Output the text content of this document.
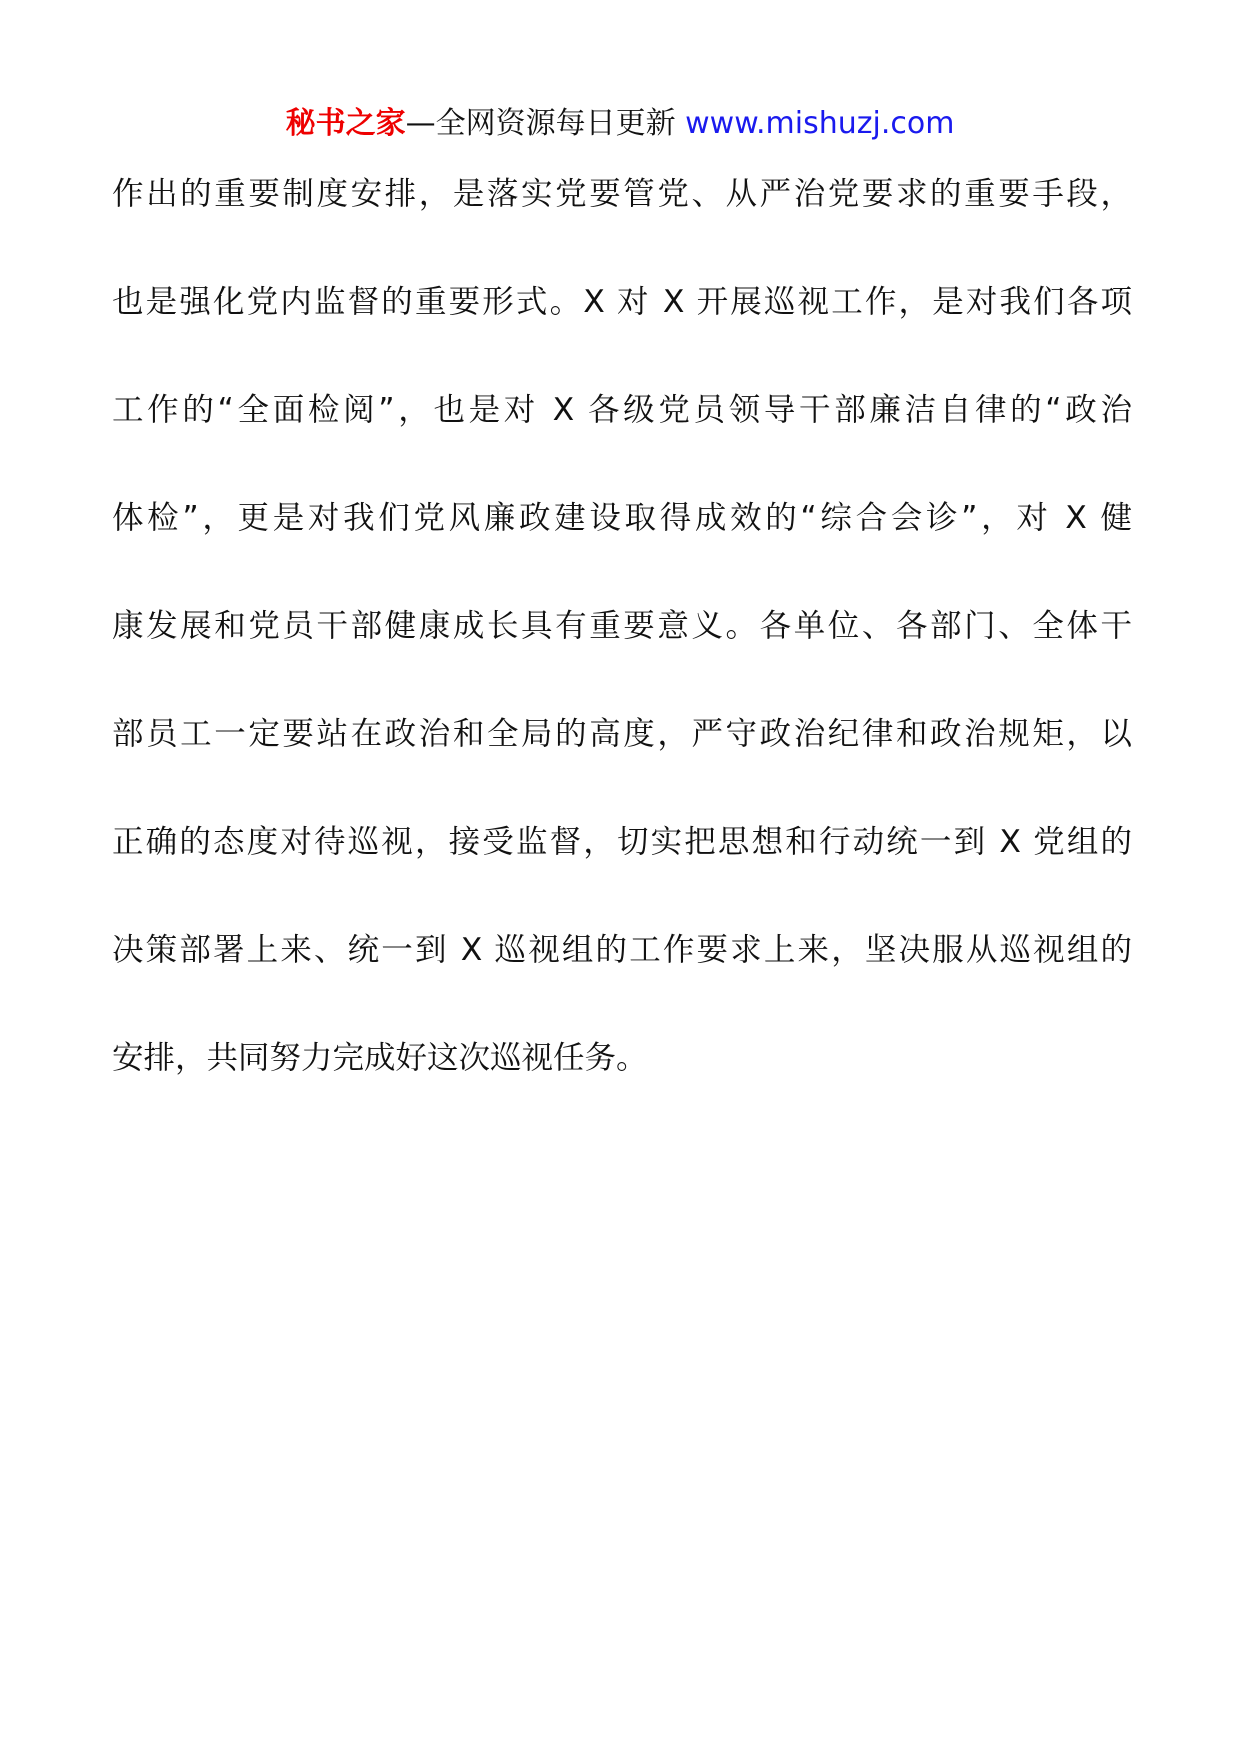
秘书之家—全网资源每日更新 www.mishuzj.com
作出的重要制度安排，是落实党要管党、从严治党要求的重要手段，
也是强化党内监督的重要形式。X 对 X 开展巡视工作，是对我们各项
工作的“全面检阅”，也是对 X 各级党员领导干部廉洁自律的“政治
体检”，更是对我们党风廉政建设取得成效的“综合会诊”，对 X 健
康发展和党员干部健康成长具有重要意义。各单位、各部门、全体干
部员工一定要站在政治和全局的高度，严守政治纪律和政治规矩，以
正确的态度对待巡视，接受监督，切实把思想和行动统一到 X 党组的
决策部署上来、统一到 X 巡视组的工作要求上来，坚决服从巡视组的
安排，共同努力完成好这次巡视任务。
